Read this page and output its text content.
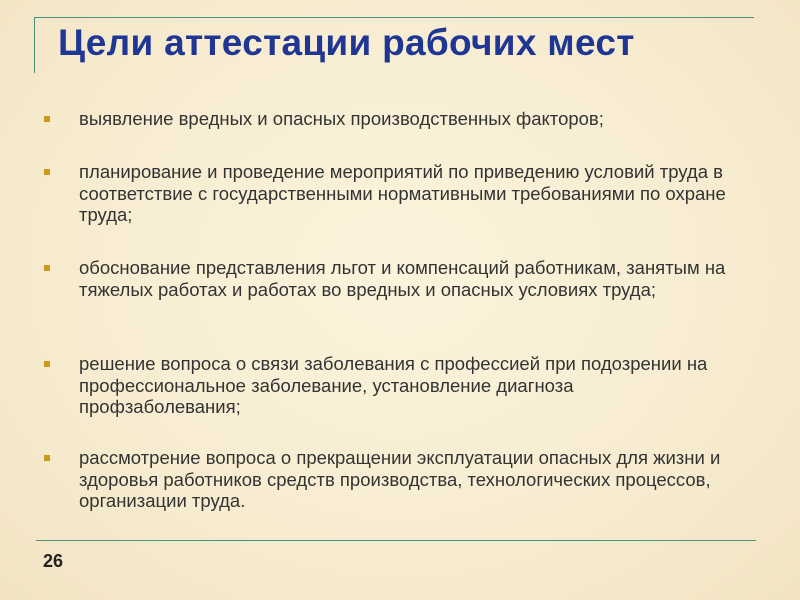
Цели аттестации рабочих мест
выявление вредных и опасных производственных факторов;
планирование и проведение мероприятий по приведению условий труда в соответствие с государственными нормативными требованиями по охране труда;
обоснование представления льгот и компенсаций работникам, занятым на тяжелых работах и работах во вредных и опасных условиях труда;
решение вопроса о связи заболевания с профессией при подозрении на профессиональное заболевание, установление диагноза профзаболевания;
рассмотрение вопроса о прекращении эксплуатации опасных для жизни и здоровья работников средств производства, технологических процессов, организации труда.
26
